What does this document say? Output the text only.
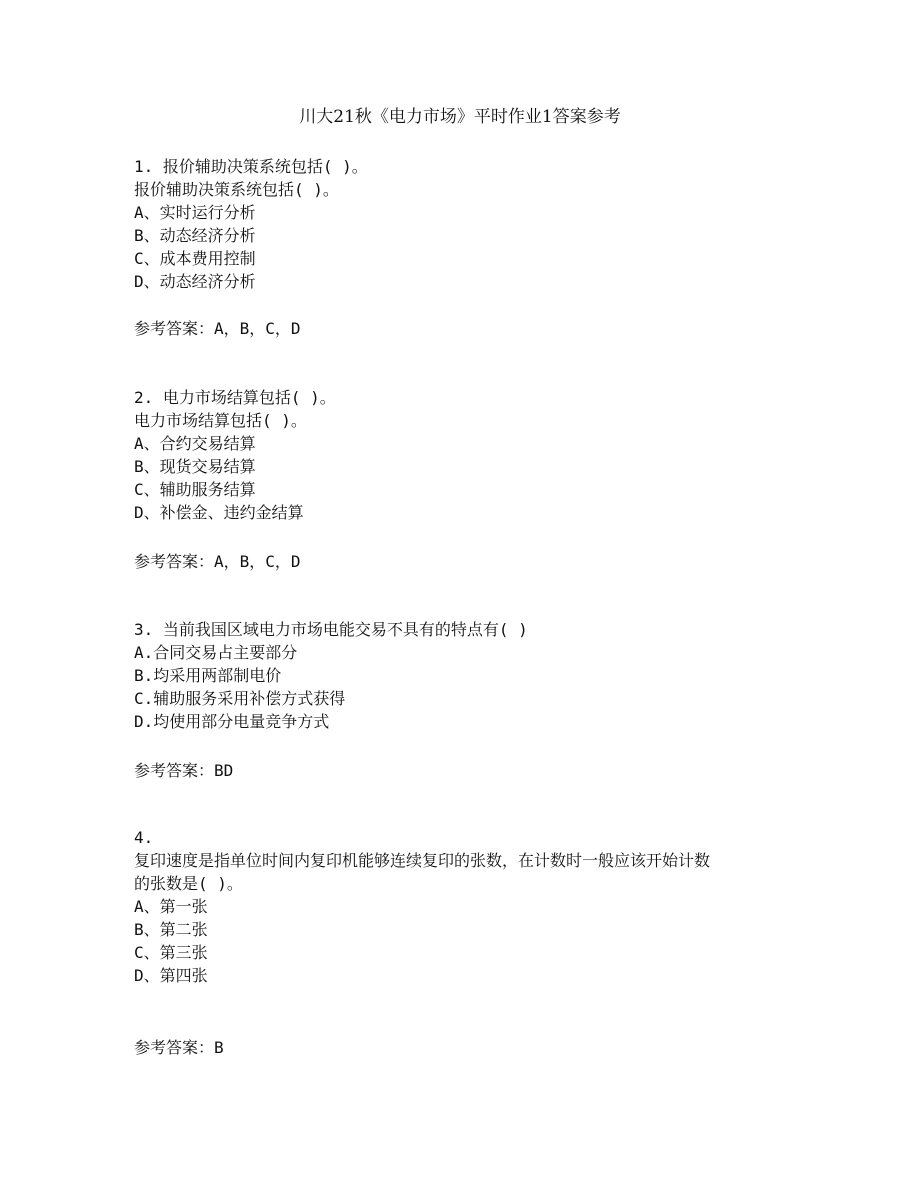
川大21秋《电力市场》平时作业1答案参考

1. 报价辅助决策系统包括( )。

报价辅助决策系统包括( )。

A、实时运行分析

B、动态经济分析

C、成本费用控制

D、动态经济分析

参考答案：A，B，C，D

2. 电力市场结算包括( )。

电力市场结算包括( )。

A、合约交易结算

B、现货交易结算

C、辅助服务结算

D、补偿金、违约金结算

参考答案：A，B，C，D

3. 当前我国区域电力市场电能交易不具有的特点有( )

A.合同交易占主要部分

B.均采用两部制电价

C.辅助服务采用补偿方式获得

D.均使用部分电量竞争方式

参考答案：BD

4.

复印速度是指单位时间内复印机能够连续复印的张数，在计数时一般应该开始计数

的张数是( )。

A、第一张

B、第二张

C、第三张

D、第四张

参考答案：B
